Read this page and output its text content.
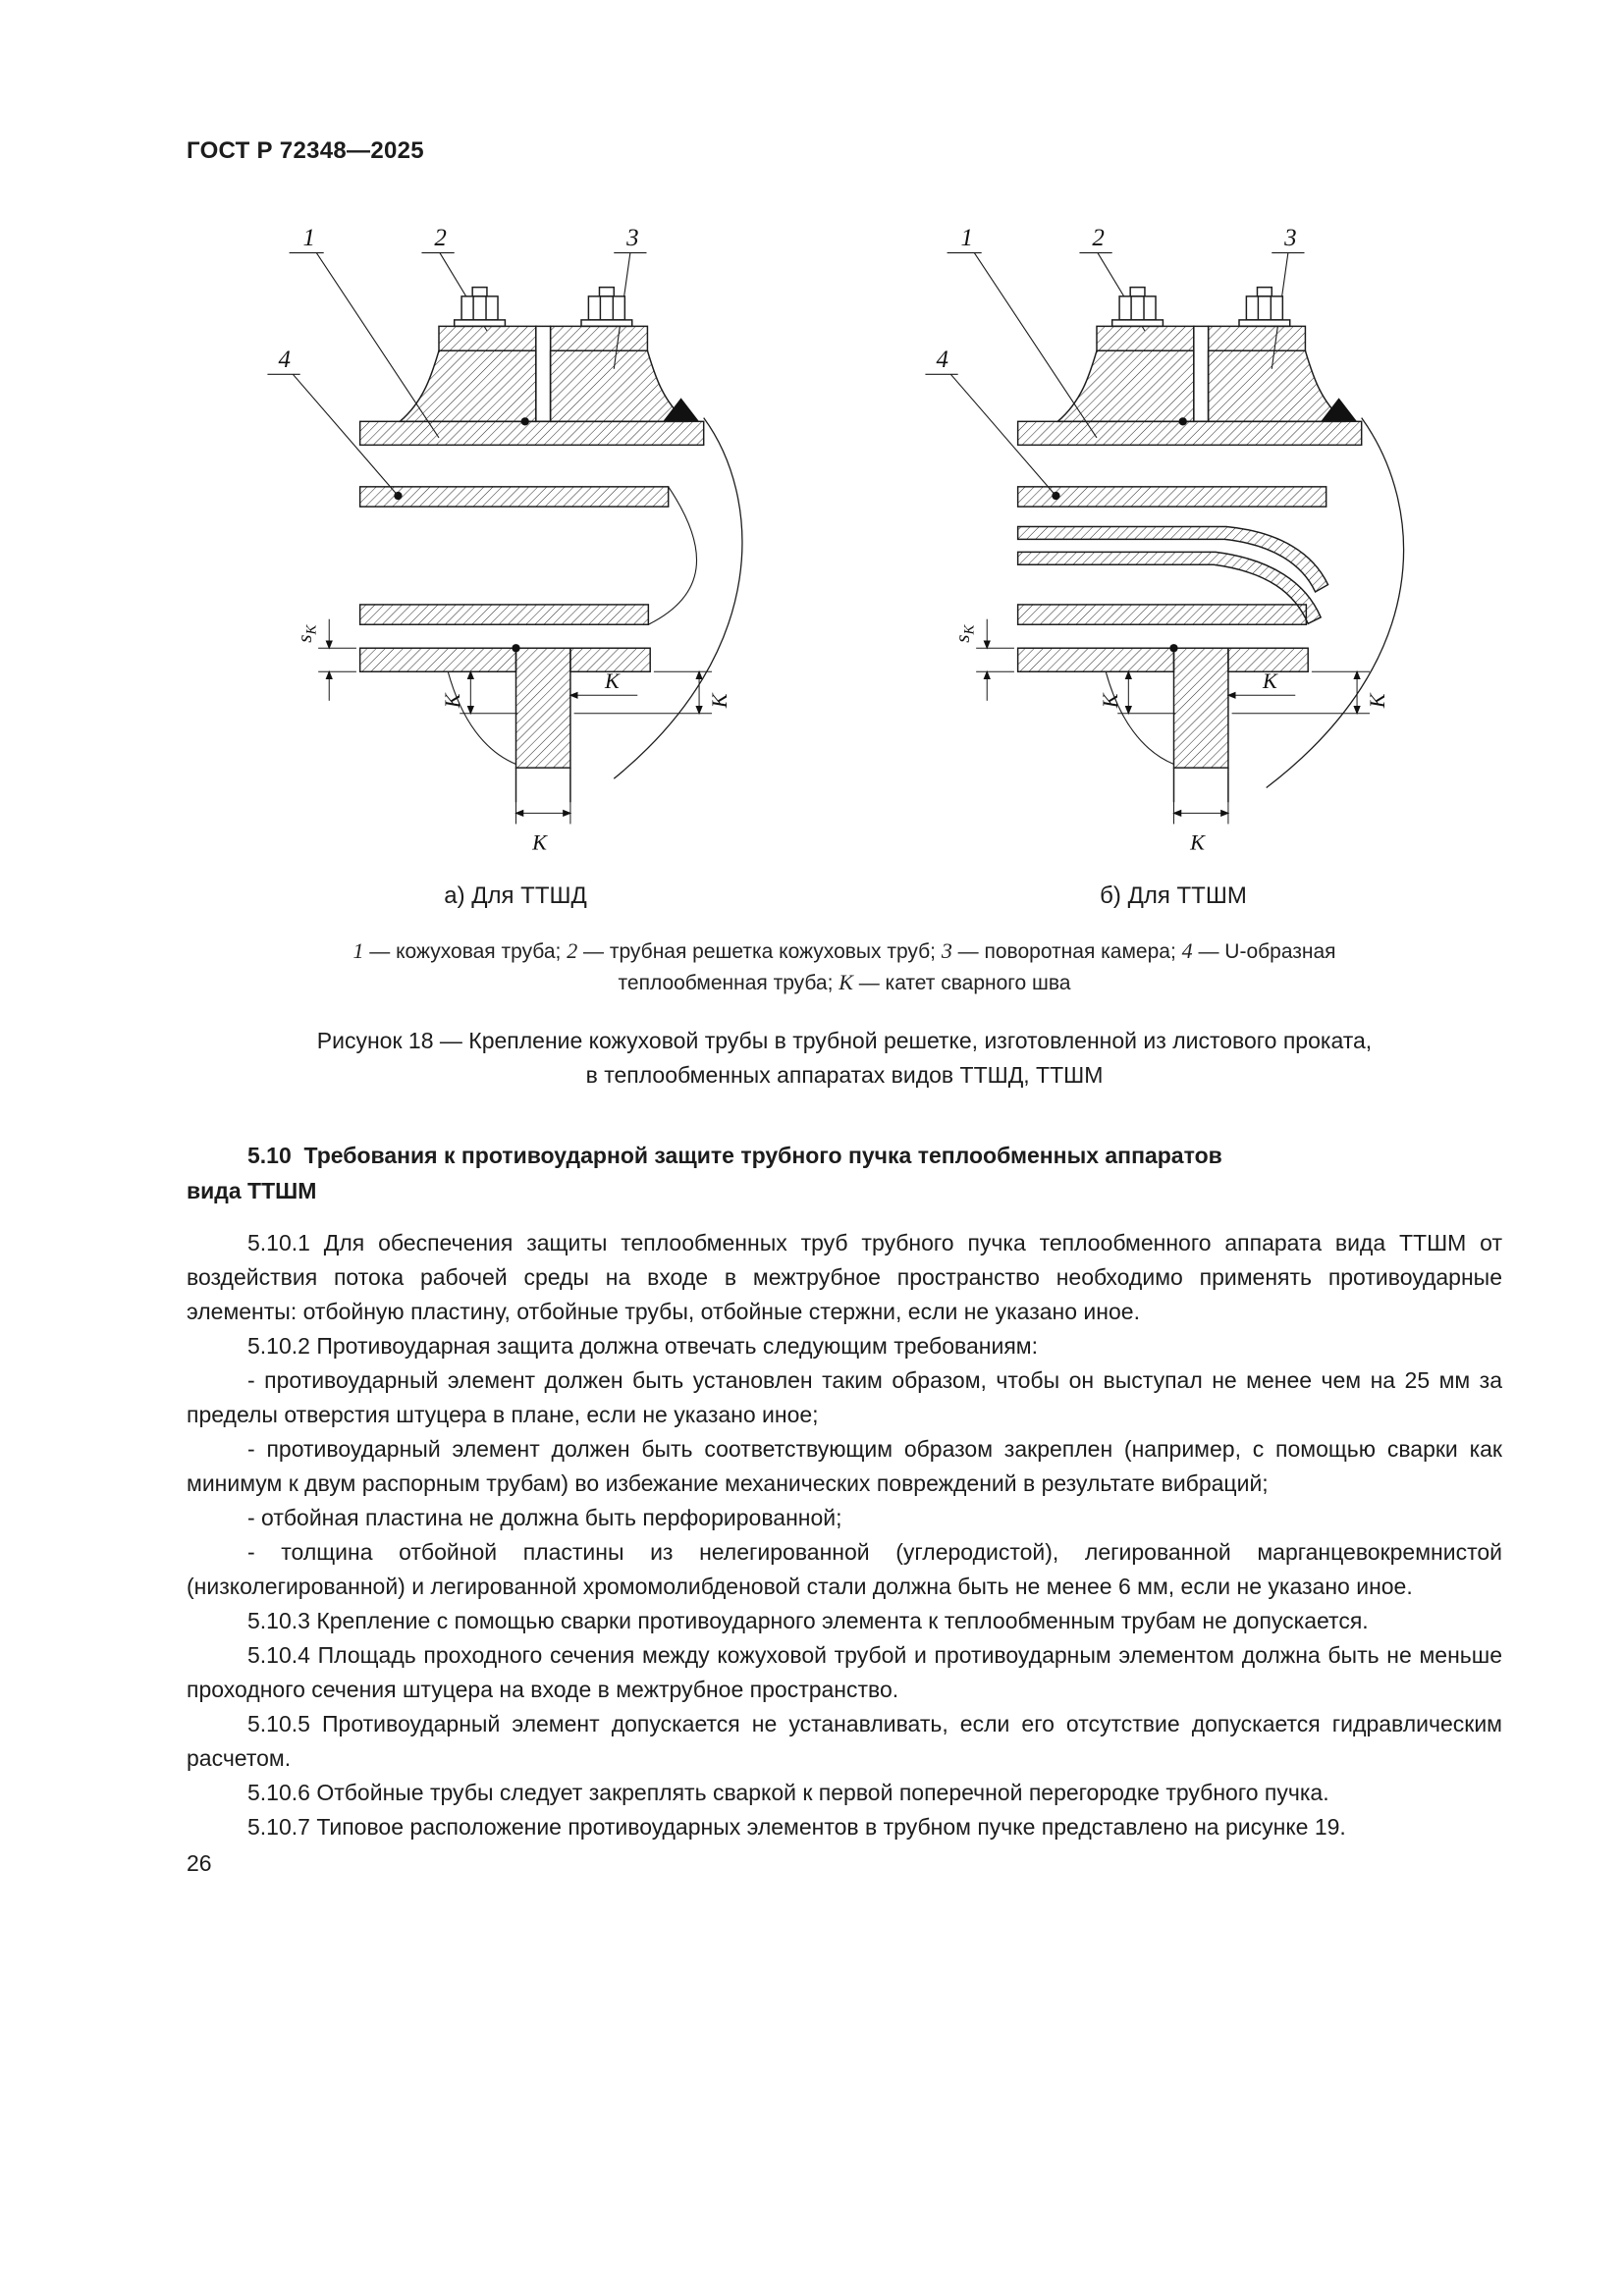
ГОСТ Р 72348—2025
1	2	3
4
$s_К$
К
К
К
К
1	2	3
4
$s_К$
К
К
К
К
а) Для ТТШД	б) Для ТТШМ
1 — кожуховая труба; 2 — трубная решетка кожуховых труб; 3 — поворотная камера; 4 — U-образная
теплообменная труба; К — катет сварного шва
Рисунок 18 — Крепление кожуховой трубы в трубной решетке, изготовленной из листового проката,
в теплообменных аппаратах видов ТТШД, ТТШМ
5.10  Требования к противоударной защите трубного пучка теплообменных аппаратов
вида ТТШМ

5.10.1 Для обеспечения защиты теплообменных труб трубного пучка теплообменного аппарата вида ТТШМ от воздействия потока рабочей среды на входе в межтрубное пространство необходимо применять противоударные элементы: отбойную пластину, отбойные трубы, отбойные стержни, если не указано иное.

5.10.2 Противоударная защита должна отвечать следующим требованиям:

- противоударный элемент должен быть установлен таким образом, чтобы он выступал не менее чем на 25 мм за пределы отверстия штуцера в плане, если не указано иное;

- противоударный элемент должен быть соответствующим образом закреплен (например, с помощью сварки как минимум к двум распорным трубам) во избежание механических повреждений в результате вибраций;

- отбойная пластина не должна быть перфорированной;

- толщина отбойной пластины из нелегированной (углеродистой), легированной марганцевокремнистой (низколегированной) и легированной хромомолибденовой стали должна быть не менее 6 мм, если не указано иное.

5.10.3 Крепление с помощью сварки противоударного элемента к теплообменным трубам не допускается.

5.10.4 Площадь проходного сечения между кожуховой трубой и противоударным элементом должна быть не меньше проходного сечения штуцера на входе в межтрубное пространство.

5.10.5 Противоударный элемент допускается не устанавливать, если его отсутствие допускается гидравлическим расчетом.

5.10.6 Отбойные трубы следует закреплять сваркой к первой поперечной перегородке трубного пучка.

5.10.7 Типовое расположение противоударных элементов в трубном пучке представлено на рисунке 19.

26
